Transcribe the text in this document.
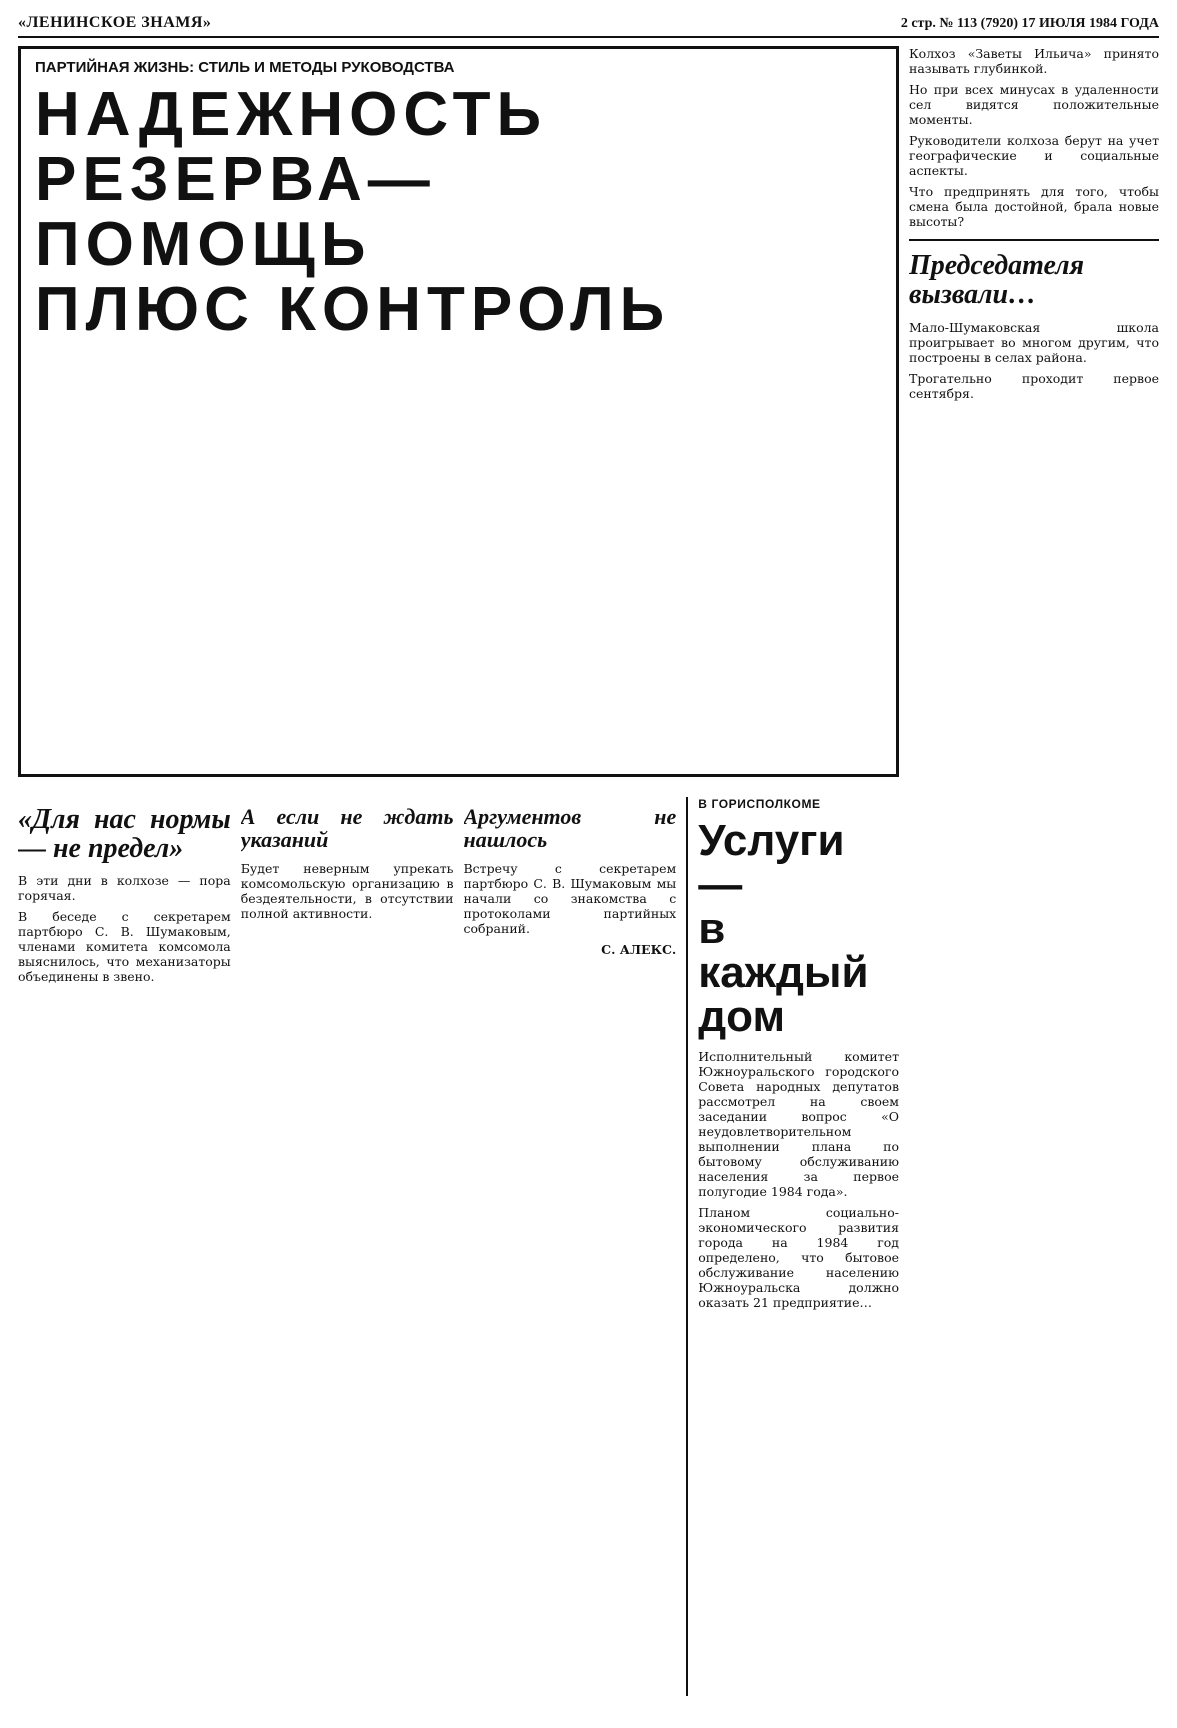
«ЛЕНИНСКОЕ ЗНАМЯ»	2 стр. № 113 (7920) 17 ИЮЛЯ 1984 ГОДА
ПАРТИЙНАЯ ЖИЗНЬ: СТИЛЬ И МЕТОДЫ РУКОВОДСТВА
НАДЕЖНОСТЬ
РЕЗЕРВА—
ПОМОЩЬ
ПЛЮС КОНТРОЛЬ

Колхоз «Заветы Ильича» принято называть глубинкой.

Но при всех минусах в удаленности сел видятся положительные моменты.

Руководители колхоза берут на учет географические и социальные аспекты.

Что предпринять для того, чтобы смена была достойной, брала новые высоты?

Председателя вызвали…

Мало-Шумаковская школа проигрывает во многом другим, что построены в селах района.

Трогательно проходит первое сентября.

«Для нас нормы — не предел»

В эти дни в колхозе — пора горячая.

В беседе с секретарем партбюро С. В. Шумаковым, членами комитета комсомола выяснилось, что механизаторы объединены в звено.

А если не ждать указаний

Будет неверным упрекать комсомольскую организацию в бездеятельности, в отсутствии полной активности.

Аргументов не нашлось

Встречу с секретарем партбюро С. В. Шумаковым мы начали со знакомства с протоколами партийных собраний.

С. АЛЕКС.
В ГОРИСПОЛКОМЕ
Услуги —
в каждый
дом

Исполнительный комитет Южноуральского городского Совета народных депутатов рассмотрел на своем заседании вопрос «О неудовлетворительном выполнении плана по бытовому обслуживанию населения за первое полугодие 1984 года».

Планом социально-экономического развития города на 1984 год определено, что бытовое обслуживание населению Южноуральска должно оказать 21 предприятие…
